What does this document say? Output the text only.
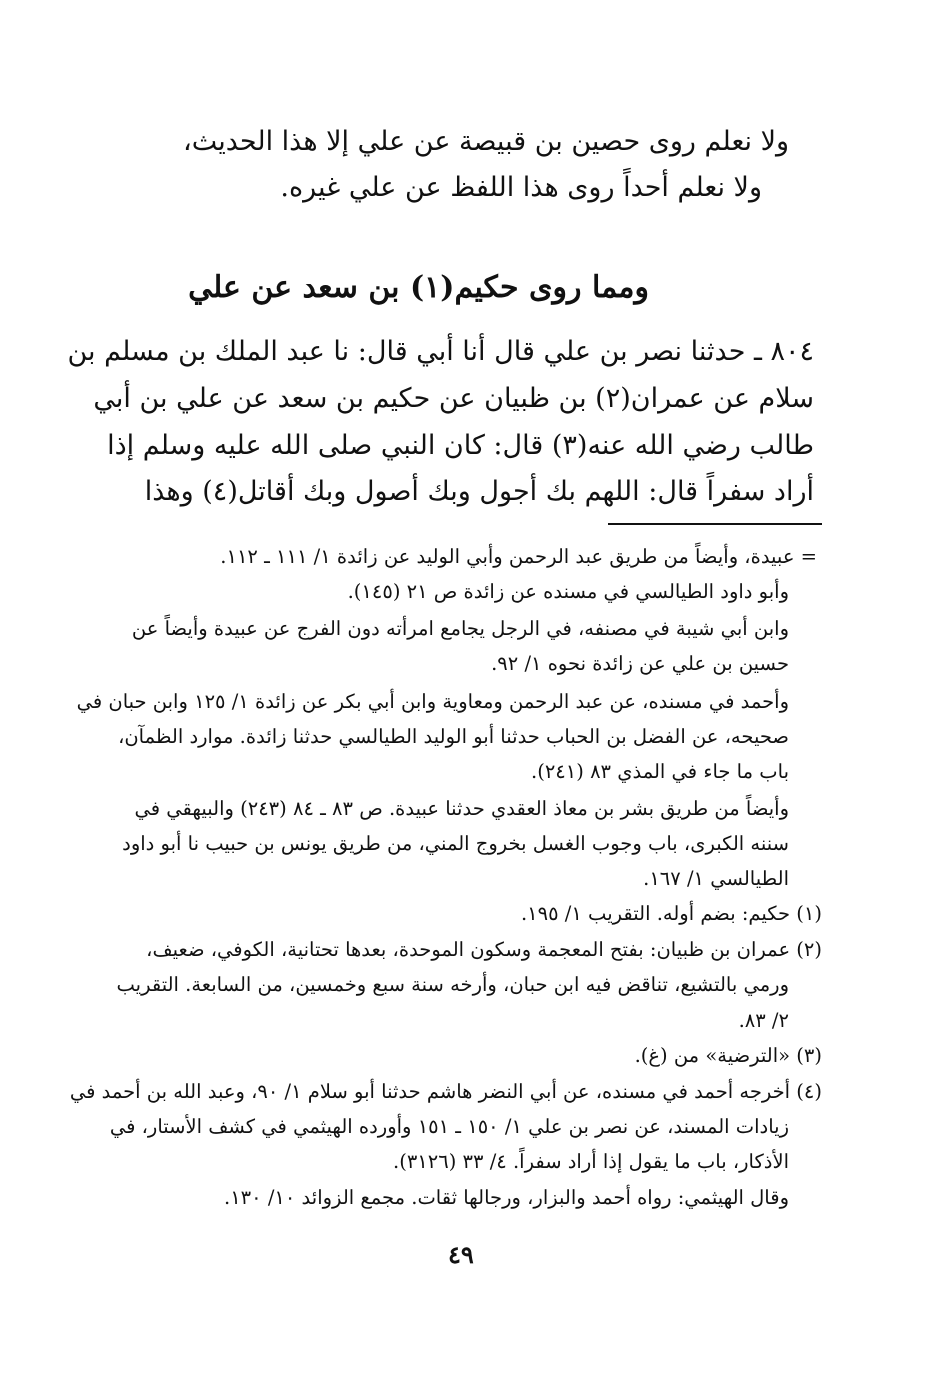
ولا نعلم روى حصين بن قبيصة عن علي إلا هذا الحديث،
ولا نعلم أحداً روى هذا اللفظ عن علي غيره.
ومما روى حكيم(١) بن سعد عن علي
٨٠٤ ـ حدثنا نصر بن علي قال أنا أبي قال: نا عبد الملك بن مسلم بن
سلام عن عمران(٢) بن ظبيان عن حكيم بن سعد عن علي بن أبي
طالب رضي الله عنه(٣) قال: كان النبي صلى الله عليه وسلم إذا
أراد سفراً قال: اللهم بك أجول وبك أصول وبك أقاتل(٤) وهذا
= عبيدة، وأيضاً من طريق عبد الرحمن وأبي الوليد عن زائدة ١/ ١١١ ـ ١١٢.
وأبو داود الطيالسي في مسنده عن زائدة ص ٢١ (١٤٥).
وابن أبي شيبة في مصنفه، في الرجل يجامع امرأته دون الفرج عن عبيدة وأيضاً عن
حسين بن علي عن زائدة نحوه ١/ ٩٢.
وأحمد في مسنده، عن عبد الرحمن ومعاوية وابن أبي بكر عن زائدة ١/ ١٢٥ وابن حبان في
صحيحه، عن الفضل بن الحباب حدثنا أبو الوليد الطيالسي حدثنا زائدة. موارد الظمآن،
باب ما جاء في المذي ٨٣ (٢٤١).
وأيضاً من طريق بشر بن معاذ العقدي حدثنا عبيدة. ص ٨٣ ـ ٨٤ (٢٤٣) والبيهقي في
سننه الكبرى، باب وجوب الغسل بخروج المني، من طريق يونس بن حبيب نا أبو داود
الطيالسي ١/ ١٦٧.
(١) حكيم: بضم أوله. التقريب ١/ ١٩٥.
(٢) عمران بن ظبيان: بفتح المعجمة وسكون الموحدة، بعدها تحتانية، الكوفي، ضعيف،
ورمي بالتشيع، تناقض فيه ابن حبان، وأرخه سنة سبع وخمسين، من السابعة. التقريب
٢/ ٨٣.
(٣) «الترضية» من (غ).
(٤) أخرجه أحمد في مسنده، عن أبي النضر هاشم حدثنا أبو سلام ١/ ٩٠، وعبد الله بن أحمد في
زيادات المسند، عن نصر بن علي ١/ ١٥٠ ـ ١٥١ وأورده الهيثمي في كشف الأستار، في
الأذكار، باب ما يقول إذا أراد سفراً. ٤/ ٣٣ (٣١٢٦).
وقال الهيثمي: رواه أحمد والبزار، ورجالها ثقات. مجمع الزوائد ١٠/ ١٣٠.
٤٩
